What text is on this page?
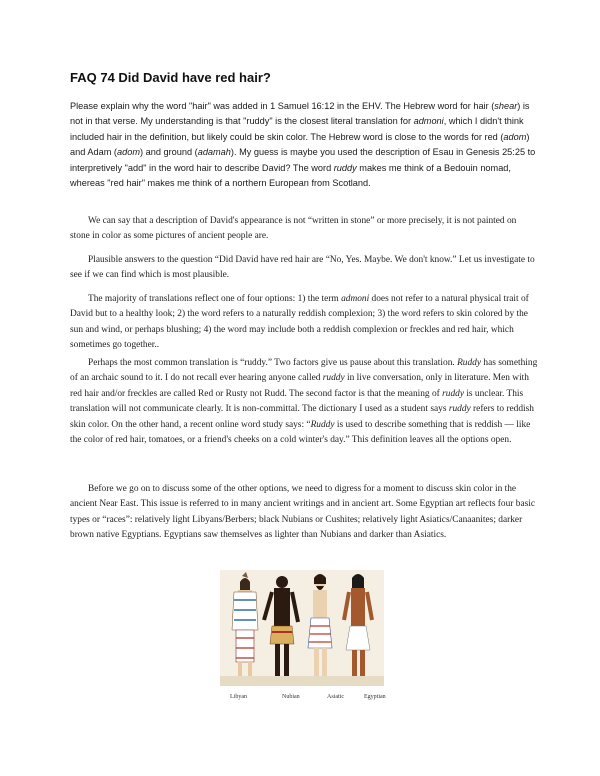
FAQ 74 Did David have red hair?

Please explain why the word "hair" was added in 1 Samuel 16:12 in the EHV. The Hebrew word for hair (shear) is not in that verse. My understanding is that "ruddy" is the closest literal translation for admoni, which I didn't think included hair in the definition, but likely could be skin color. The Hebrew word is close to the words for red (adom) and Adam (adom) and ground (adamah). My guess is maybe you used the description of Esau in Genesis 25:25 to interpretively "add" in the word hair to describe David? The word ruddy makes me think of a Bedouin nomad, whereas "red hair" makes me think of a northern European from Scotland.

We can say that a description of David's appearance is not “written in stone” or more precisely, it is not painted on stone in color as some pictures of ancient people are.

Plausible answers to the question “Did David have red hair are “No, Yes. Maybe. We don't know.” Let us investigate to see if we can find which is most plausible.

The majority of translations reflect one of four options: 1) the term admoni does not refer to a natural physical trait of David but to a healthy look; 2) the word refers to a naturally reddish complexion; 3) the word refers to skin colored by the sun and wind, or perhaps blushing; 4) the word may include both a reddish complexion or freckles and red hair, which sometimes go together..

Perhaps the most common translation is “ruddy.” Two factors give us pause about this translation. Ruddy has something of an archaic sound to it. I do not recall ever hearing anyone called ruddy in live conversation, only in literature. Men with red hair and/or freckles are called Red or Rusty not Rudd. The second factor is that the meaning of ruddy is unclear. This translation will not communicate clearly. It is non-committal. The dictionary I used as a student says ruddy refers to reddish skin color. On the other hand, a recent online word study says: “Ruddy is used to describe something that is reddish — like the color of red hair, tomatoes, or a friend's cheeks on a cold winter's day.” This definition leaves all the options open.

Before we go on to discuss some of the other options, we need to digress for a moment to discuss skin color in the ancient Near East. This issue is referred to in many ancient writings and in ancient art. Some Egyptian art reflects four basic types or “races”: relatively light Libyans/Berbers; black Nubians or Cushites; relatively light Asiatics/Canaanites; darker brown native Egyptians. Egyptians saw themselves as lighter than Nubians and darker than Asiatics.

Libyan	Nubian	Asiatic	Egyptian
